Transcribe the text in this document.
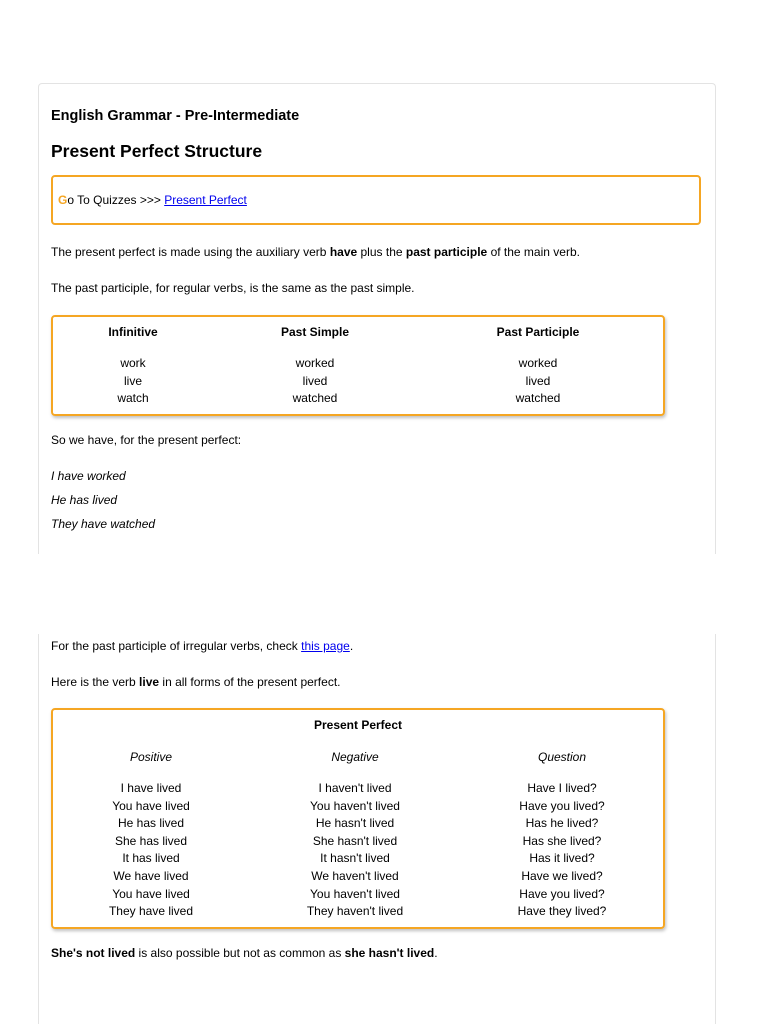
English Grammar - Pre-Intermediate
Present Perfect Structure
Go To Quizzes >>> Present Perfect
The present perfect is made using the auxiliary verb have plus the past participle of the main verb.
The past participle, for regular verbs, is the same as the past simple.
Infinitive
work
live
watch
Past Simple
worked
lived
watched
Past Participle
worked
lived
watched
So we have, for the present perfect:
I have worked
He has lived
They have watched
For the past participle of irregular verbs, check this page.
Here is the verb live in all forms of the present perfect.
Present Perfect
Positive
I have lived
You have lived
He has lived
She has lived
It has lived
We have lived
You have lived
They have lived
Negative
I haven't lived
You haven't lived
He hasn't lived
She hasn't lived
It hasn't lived
We haven't lived
You haven't lived
They haven't lived
Question
Have I lived?
Have you lived?
Has he lived?
Has she lived?
Has it lived?
Have we lived?
Have you lived?
Have they lived?
She's not lived is also possible but not as common as she hasn't lived.
